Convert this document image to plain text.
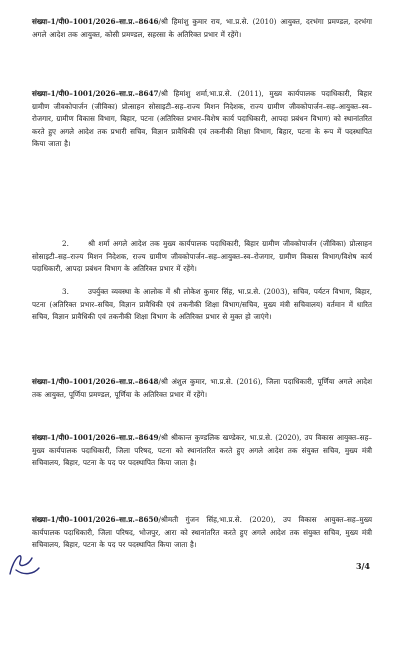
संख्या–1/पी0–1001/2026–सा.प्र.–8646/श्री हिमांशु कुमार राय, भा.प्र.से. (2010) आयुक्त, दरभंगा प्रमण्डल, दरभंगा अगले आदेश तक आयुक्त, कोसी प्रमण्डल, सहरसा के अतिरिक्त प्रभार में रहेंगे।
संख्या–1/पी0–1001/2026–सा.प्र.–8647/श्री हिमांशु शर्मा,भा.प्र.से. (2011), मुख्य कार्यपालक पदाधिकारी, बिहार ग्रामीण जीवकोपार्जन (जीविका) प्रोत्साहन सोसाइटी–सह–राज्य मिशन निदेशक, राज्य ग्रामीण जीवकोपार्जन–सह–आयुक्त–स्व–रोजगार, ग्रामीण विकास विभाग, बिहार, पटना (अतिरिक्त प्रभार–विशेष कार्य पदाधिकारी, आपदा प्रबंधन विभाग) को स्थानांतरित करते हुए अगले आदेश तक प्रभारी सचिव, विज्ञान प्रावैधिकी एवं तकनीकी शिक्षा विभाग, बिहार, पटना के रूप में पदस्थापित किया जाता है।
2.	श्री शर्मा अगले आदेश तक मुख्य कार्यपालक पदाधिकारी, बिहार ग्रामीण जीवकोपार्जन (जीविका) प्रोत्साहन सोसाइटी–सह–राज्य मिशन निदेशक, राज्य ग्रामीण जीवकोपार्जन–सह–आयुक्त–स्व–रोजगार, ग्रामीण विकास विभाग/विशेष कार्य पदाधिकारी, आपदा प्रबंधन विभाग के अतिरिक्त प्रभार में रहेंगे।
3.	उपर्युक्त व्यवस्था के आलोक में श्री लोकेश कुमार सिंह, भा.प्र.से. (2003), सचिव, पर्यटन विभाग, बिहार, पटना (अतिरिक्त प्रभार–सचिव, विज्ञान प्रावैधिकी एवं तकनीकी शिक्षा विभाग/सचिव, मुख्य मंत्री सचिवालय) वर्तमान में धारित सचिव, विज्ञान प्रावैधिकी एवं तकनीकी शिक्षा विभाग के अतिरिक्त प्रभार से मुक्त हो जाएंगे।
संख्या–1/पी0–1001/2026–सा.प्र.–8648/श्री अंशुल कुमार, भा.प्र.से. (2016), जिला पदाधिकारी, पूर्णिया अगले आदेश तक आयुक्त, पूर्णिया प्रमण्डल, पूर्णिया के अतिरिक्त प्रभार में रहेंगे।
संख्या–1/पी0–1001/2026–सा.प्र.–8649/श्री श्रीकान्त कुण्डलिक खण्डेकर, भा.प्र.से. (2020), उप विकास आयुक्त–सह–मुख्य कार्यपालक पदाधिकारी, जिला परिषद, पटना को स्थानांतरित करते हुए अगले आदेश तक संयुक्त सचिव, मुख्य मंत्री सचिवालय, बिहार, पटना के पद पर पदस्थापित किया जाता है।
संख्या–1/पी0–1001/2026–सा.प्र.–8650/श्रीमती गुंजन सिंह,भा.प्र.से. (2020), उप विकास आयुक्त–सह–मुख्य कार्यपालक पदाधिकारी, जिला परिषद, भोजपुर, आरा को स्थानांतरित करते हुए अगले आदेश तक संयुक्त सचिव, मुख्य मंत्री सचिवालय, बिहार, पटना के पद पर पदस्थापित किया जाता है।
3/4
